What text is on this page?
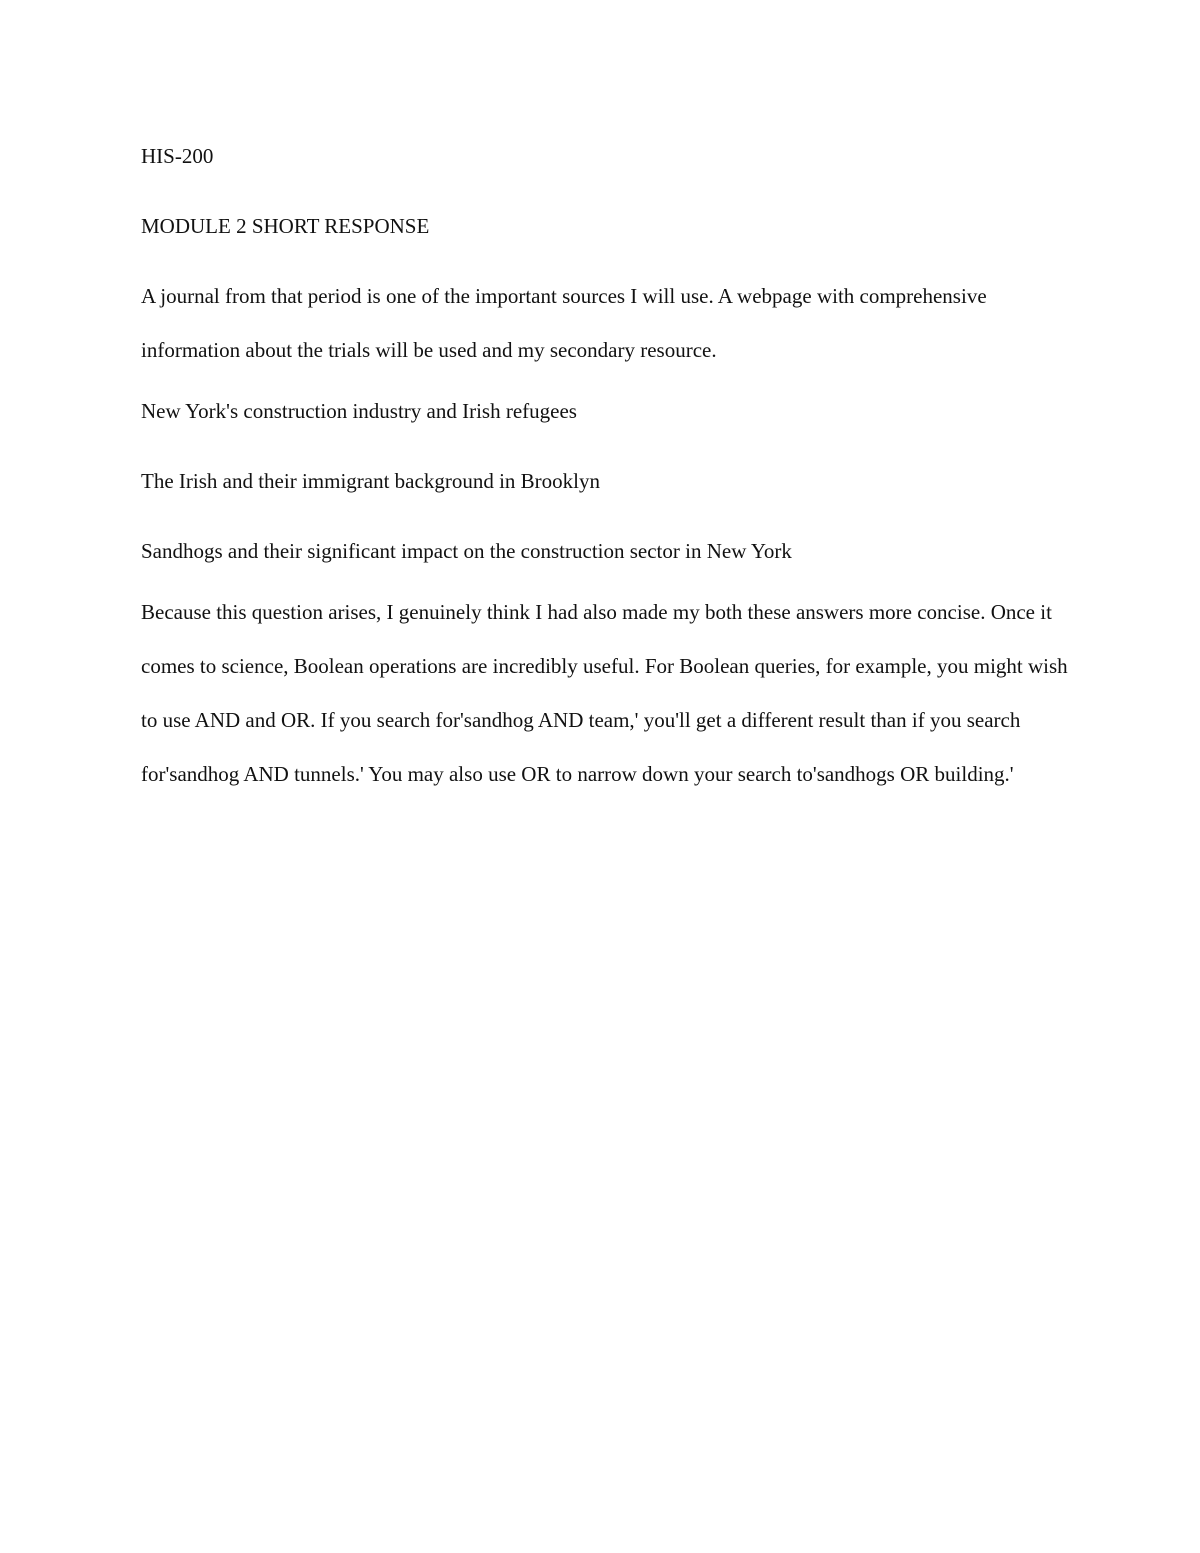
HIS-200

MODULE 2 SHORT RESPONSE

A journal from that period is one of the important sources I will use. A webpage with comprehensive information about the trials will be used and my secondary resource.

New York's construction industry and Irish refugees

The Irish and their immigrant background in Brooklyn

Sandhogs and their significant impact on the construction sector in New York

Because this question arises, I genuinely think I had also made my both these answers more concise. Once it comes to science, Boolean operations are incredibly useful. For Boolean queries, for example, you might wish to use AND and OR. If you search for'sandhog AND team,' you'll get a different result than if you search for'sandhog AND tunnels.' You may also use OR to narrow down your search to'sandhogs OR building.'
